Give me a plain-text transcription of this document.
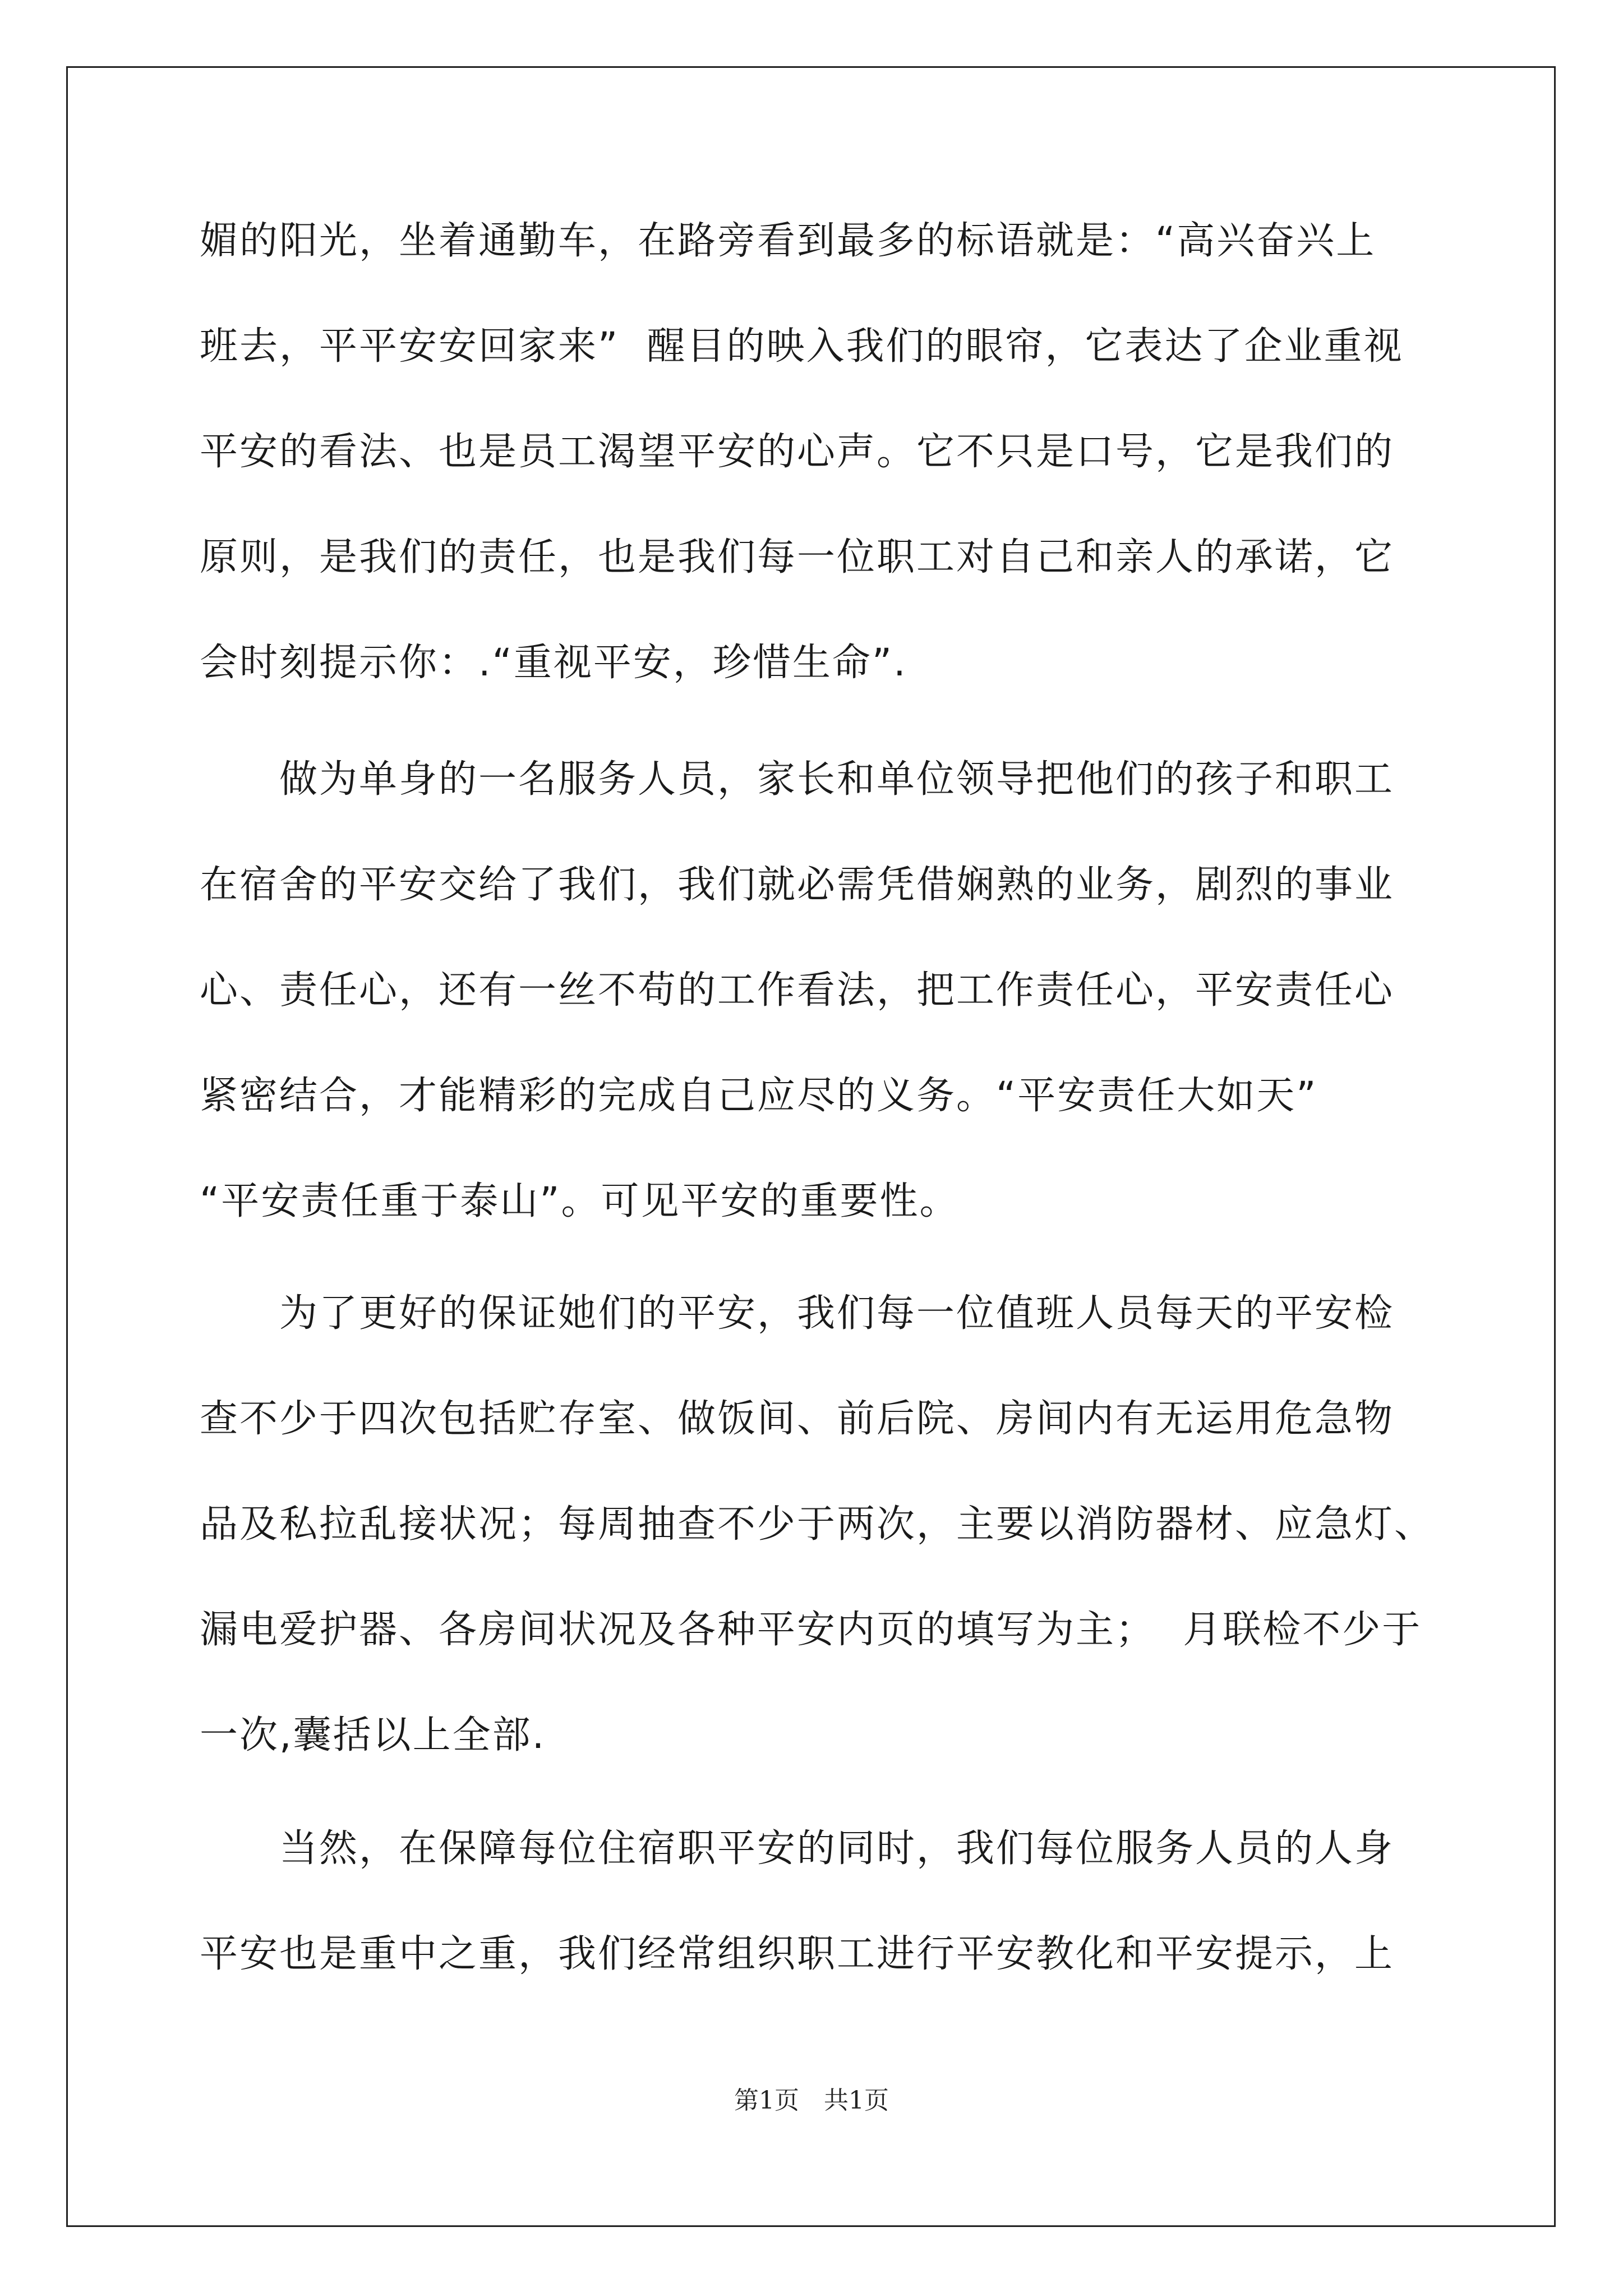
媚的阳光，坐着通勤车，在路旁看到最多的标语就是：“高兴奋兴上
班去，平平安安回家来”  醒目的映入我们的眼帘，它表达了企业重视
平安的看法、也是员工渴望平安的心声。它不只是口号，它是我们的
原则，是我们的责任，也是我们每一位职工对自己和亲人的承诺，它
会时刻提示你：.“重视平安，珍惜生命”.
　　做为单身的一名服务人员，家长和单位领导把他们的孩子和职工
在宿舍的平安交给了我们，我们就必需凭借娴熟的业务，剧烈的事业
心、责任心，还有一丝不苟的工作看法，把工作责任心，平安责任心
紧密结合，才能精彩的完成自己应尽的义务。“平安责任大如天”
“平安责任重于泰山”。可见平安的重要性。
　　为了更好的保证她们的平安，我们每一位值班人员每天的平安检
查不少于四次包括贮存室、做饭间、前后院、房间内有无运用危急物
品及私拉乱接状况；每周抽查不少于两次，主要以消防器材、应急灯、
漏电爱护器、各房间状况及各种平安内页的填写为主；  月联检不少于
一次,囊括以上全部.
　　当然，在保障每位住宿职平安的同时，我们每位服务人员的人身
平安也是重中之重，我们经常组织职工进行平安教化和平安提示，上
第1页　共1页
